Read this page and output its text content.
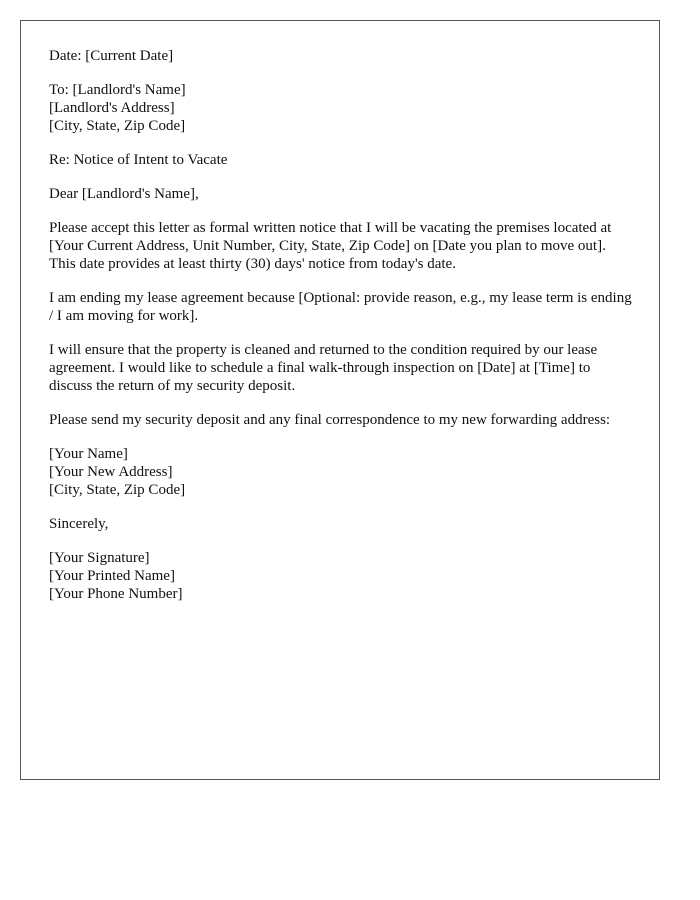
Date: [Current Date]

To: [Landlord's Name]
[Landlord's Address]
[City, State, Zip Code]

Re: Notice of Intent to Vacate

Dear [Landlord's Name],

Please accept this letter as formal written notice that I will be vacating the premises located at [Your Current Address, Unit Number, City, State, Zip Code] on [Date you plan to move out]. This date provides at least thirty (30) days' notice from today's date.

I am ending my lease agreement because [Optional: provide reason, e.g., my lease term is ending / I am moving for work].

I will ensure that the property is cleaned and returned to the condition required by our lease agreement. I would like to schedule a final walk-through inspection on [Date] at [Time] to discuss the return of my security deposit.

Please send my security deposit and any final correspondence to my new forwarding address:

[Your Name]
[Your New Address]
[City, State, Zip Code]

Sincerely,

[Your Signature]
[Your Printed Name]
[Your Phone Number]
